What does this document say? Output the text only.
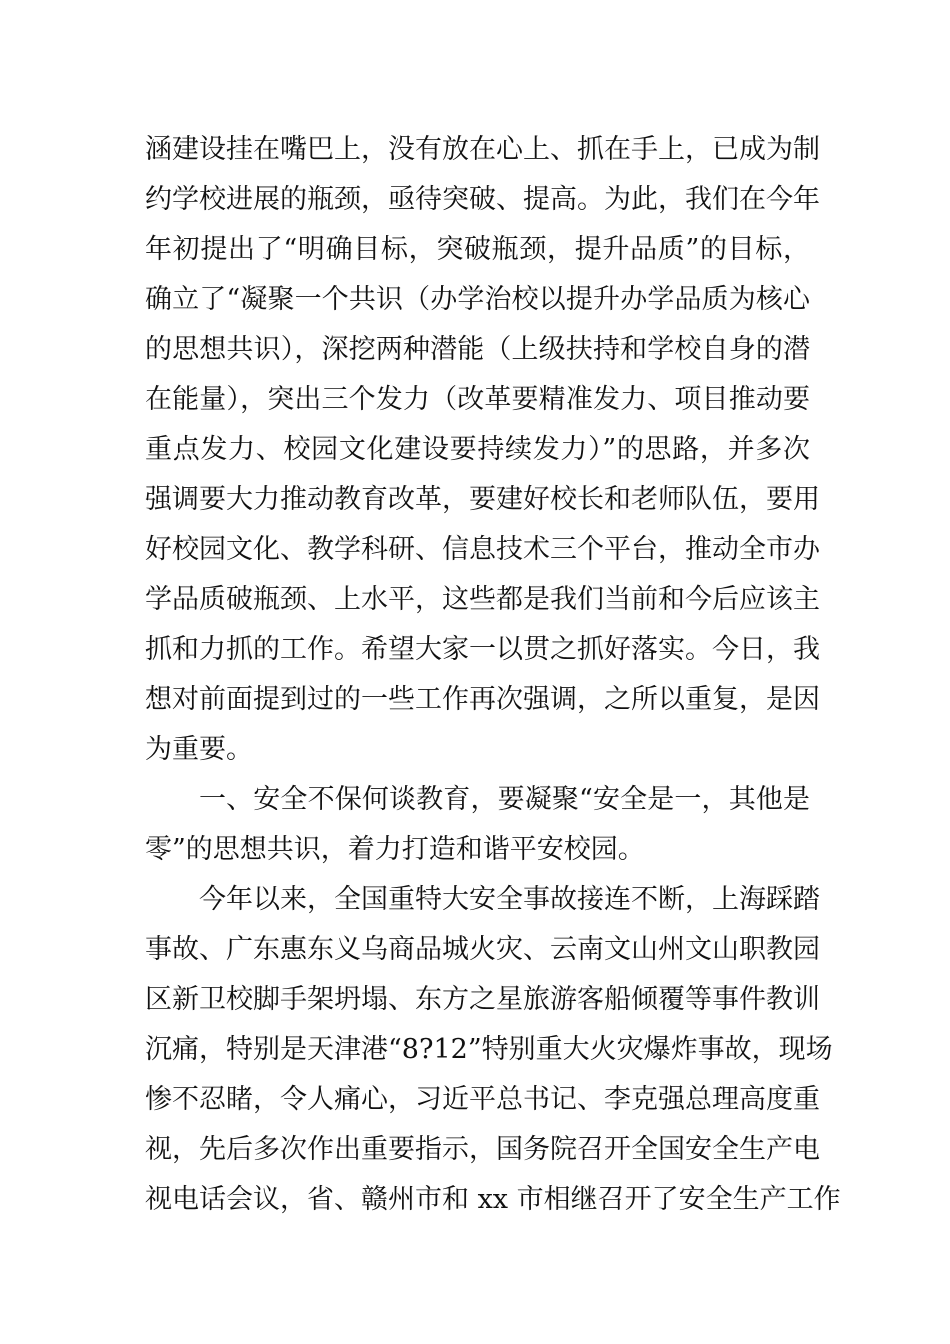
涵建设挂在嘴巴上，没有放在心上、抓在手上，已成为制
约学校进展的瓶颈，亟待突破、提高。为此，我们在今年
年初提出了“明确目标，突破瓶颈，提升品质”的目标，
确立了“凝聚一个共识（办学治校以提升办学品质为核心
的思想共识），深挖两种潜能（上级扶持和学校自身的潜
在能量），突出三个发力（改革要精准发力、项目推动要
重点发力、校园文化建设要持续发力）”的思路，并多次
强调要大力推动教育改革，要建好校长和老师队伍，要用
好校园文化、教学科研、信息技术三个平台，推动全市办
学品质破瓶颈、上水平，这些都是我们当前和今后应该主
抓和力抓的工作。希望大家一以贯之抓好落实。今日，我
想对前面提到过的一些工作再次强调，之所以重复，是因
为重要。
一、安全不保何谈教育，要凝聚“安全是一，其他是
零”的思想共识，着力打造和谐平安校园。
今年以来，全国重特大安全事故接连不断，上海踩踏
事故、广东惠东义乌商品城火灾、云南文山州文山职教园
区新卫校脚手架坍塌、东方之星旅游客船倾覆等事件教训
沉痛，特别是天津港“8?12”特别重大火灾爆炸事故，现场
惨不忍睹，令人痛心，习近平总书记、李克强总理高度重
视，先后多次作出重要指示，国务院召开全国安全生产电
视电话会议，省、赣州市和 xx 市相继召开了安全生产工作
